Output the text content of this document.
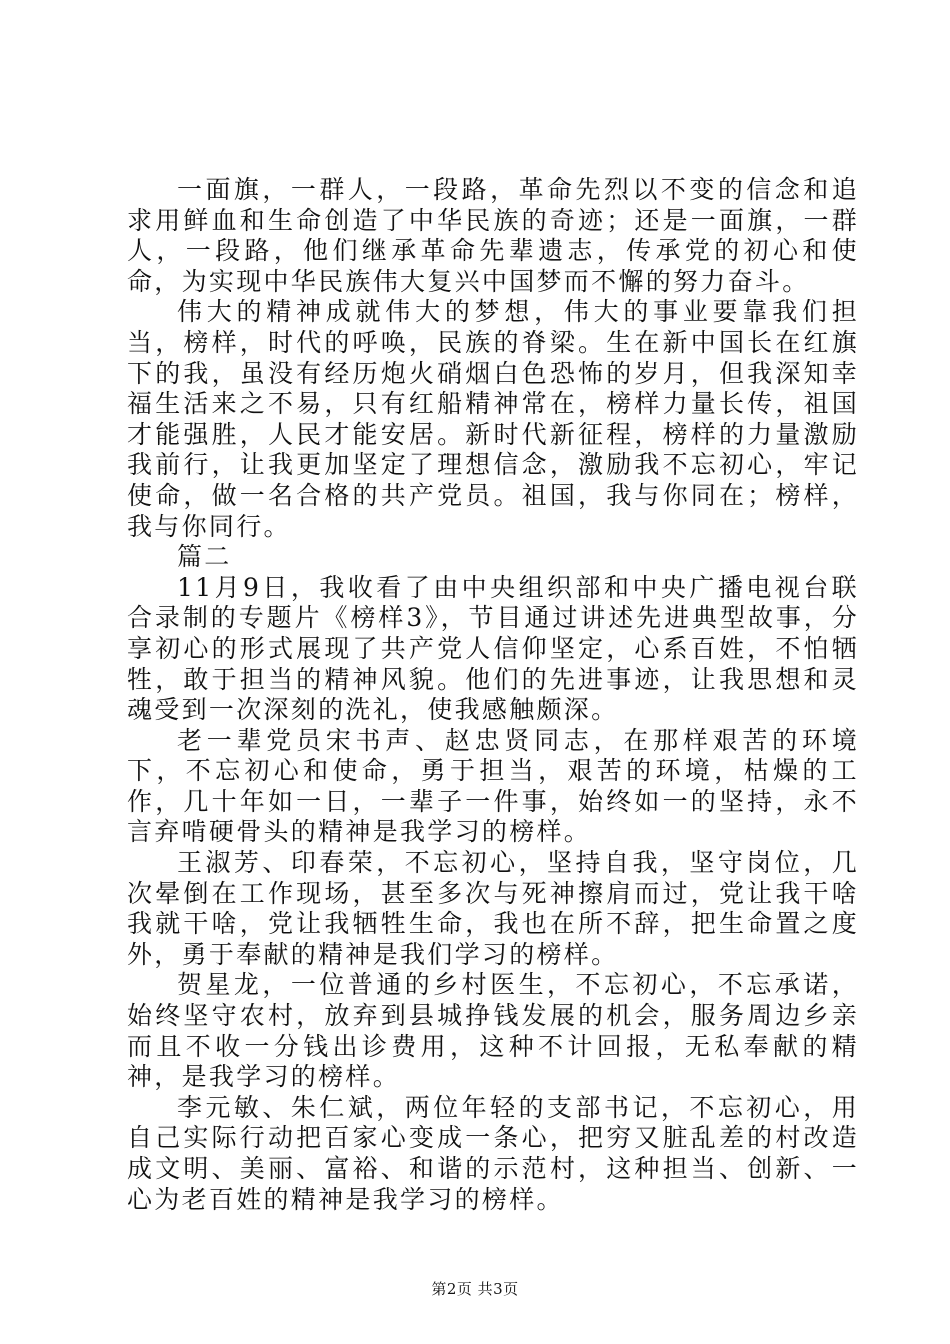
一面旗，一群人，一段路，革命先烈以不变的信念和追求用鲜血和生命创造了中华民族的奇迹；还是一面旗，一群人，一段路，他们继承革命先辈遗志，传承党的初心和使命，为实现中华民族伟大复兴中国梦而不懈的努力奋斗。

伟大的精神成就伟大的梦想，伟大的事业要靠我们担当，榜样，时代的呼唤，民族的脊梁。生在新中国长在红旗下的我，虽没有经历炮火硝烟白色恐怖的岁月，但我深知幸福生活来之不易，只有红船精神常在，榜样力量长传，祖国才能强胜，人民才能安居。新时代新征程，榜样的力量激励我前行，让我更加坚定了理想信念，激励我不忘初心，牢记使命，做一名合格的共产党员。祖国，我与你同在；榜样，我与你同行。

篇二

11月9日，我收看了由中央组织部和中央广播电视台联合录制的专题片《榜样3》，节目通过讲述先进典型故事，分享初心的形式展现了共产党人信仰坚定，心系百姓，不怕牺牲，敢于担当的精神风貌。他们的先进事迹，让我思想和灵魂受到一次深刻的洗礼，使我感触颇深。

老一辈党员宋书声、赵忠贤同志，在那样艰苦的环境下，不忘初心和使命，勇于担当，艰苦的环境，枯燥的工作，几十年如一日，一辈子一件事，始终如一的坚持，永不言弃啃硬骨头的精神是我学习的榜样。

王淑芳、印春荣，不忘初心，坚持自我，坚守岗位，几次晕倒在工作现场，甚至多次与死神擦肩而过，党让我干啥我就干啥，党让我牺牲生命，我也在所不辞，把生命置之度外，勇于奉献的精神是我们学习的榜样。

贺星龙，一位普通的乡村医生，不忘初心，不忘承诺，始终坚守农村，放弃到县城挣钱发展的机会，服务周边乡亲而且不收一分钱出诊费用，这种不计回报，无私奉献的精神，是我学习的榜样。

李元敏、朱仁斌，两位年轻的支部书记，不忘初心，用自己实际行动把百家心变成一条心，把穷又脏乱差的村改造成文明、美丽、富裕、和谐的示范村，这种担当、创新、一心为老百姓的精神是我学习的榜样。

第2页 共3页
